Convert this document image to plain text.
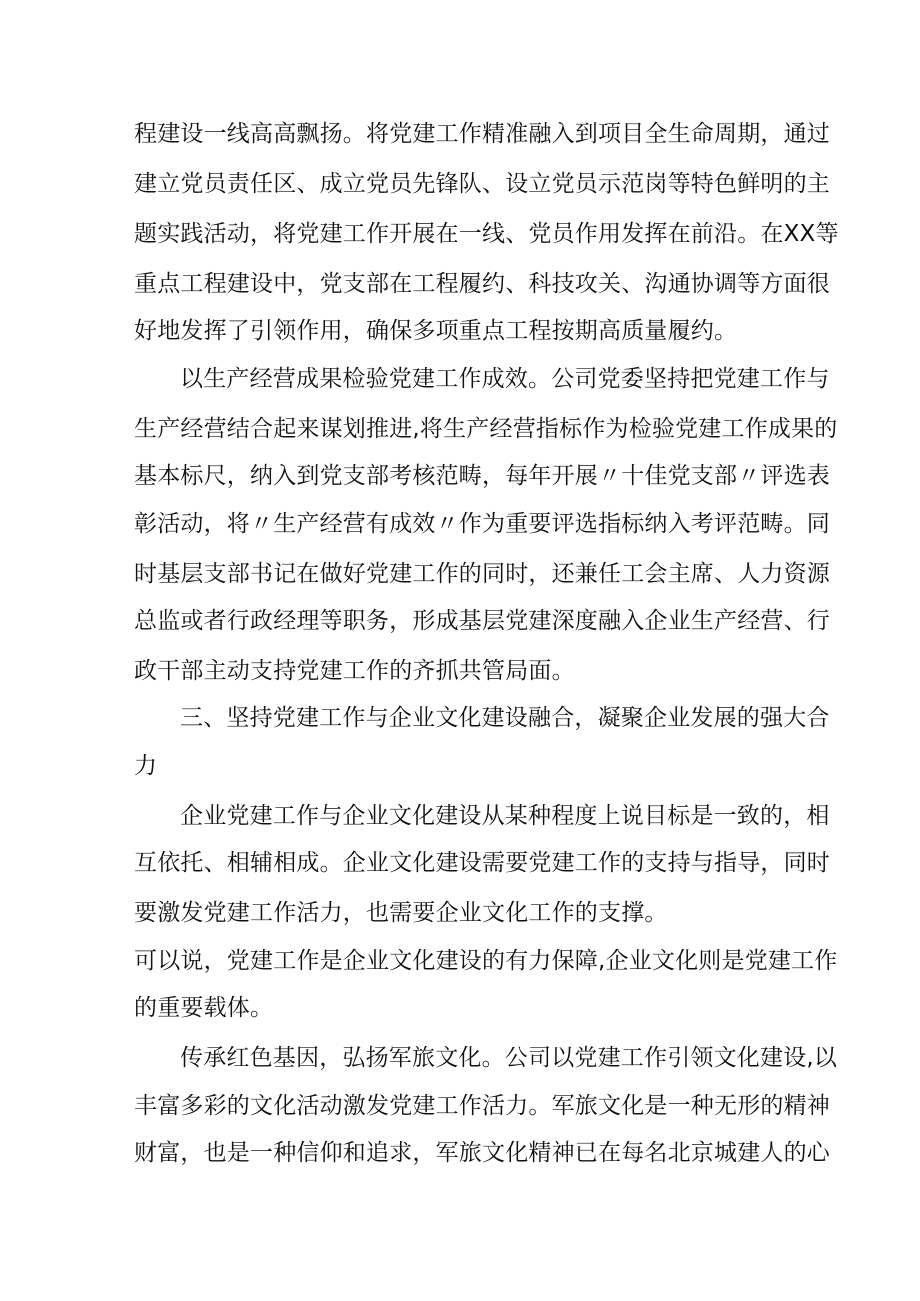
程建设一线高高飘扬。将党建工作精准融入到项目全生命周期，通过
建立党员责任区、成立党员先锋队、设立党员示范岗等特色鲜明的主
题实践活动，将党建工作开展在一线、党员作用发挥在前沿。在XX等
重点工程建设中，党支部在工程履约、科技攻关、沟通协调等方面很
好地发挥了引领作用，确保多项重点工程按期高质量履约。
以生产经营成果检验党建工作成效。公司党委坚持把党建工作与
生产经营结合起来谋划推进,将生产经营指标作为检验党建工作成果的
基本标尺，纳入到党支部考核范畴，每年开展〃十佳党支部〃评选表
彰活动，将〃生产经营有成效〃作为重要评选指标纳入考评范畴。同
时基层支部书记在做好党建工作的同时，还兼任工会主席、人力资源
总监或者行政经理等职务，形成基层党建深度融入企业生产经营、行
政干部主动支持党建工作的齐抓共管局面。
三、坚持党建工作与企业文化建设融合，凝聚企业发展的强大合
力
企业党建工作与企业文化建设从某种程度上说目标是一致的，相
互依托、相辅相成。企业文化建设需要党建工作的支持与指导，同时
要激发党建工作活力，也需要企业文化工作的支撑。
可以说，党建工作是企业文化建设的有力保障,企业文化则是党建工作
的重要载体。
传承红色基因，弘扬军旅文化。公司以党建工作引领文化建设,以
丰富多彩的文化活动激发党建工作活力。军旅文化是一种无形的精神
财富，也是一种信仰和追求，军旅文化精神已在每名北京城建人的心
